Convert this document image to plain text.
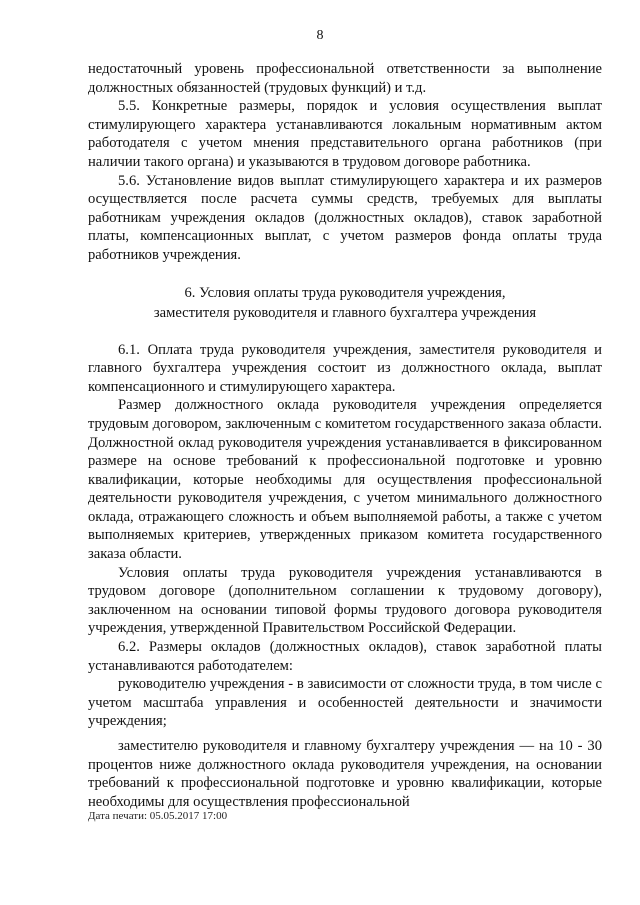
8

недостаточный уровень профессиональной ответственности за выполнение должностных обязанностей (трудовых функций) и т.д.

5.5. Конкретные размеры, порядок и условия осуществления выплат стимулирующего характера устанавливаются локальным нормативным актом работодателя с учетом мнения представительного органа работников (при наличии такого органа) и указываются в трудовом договоре работника.

5.6. Установление видов выплат стимулирующего характера и их размеров осуществляется после расчета суммы средств, требуемых для выплаты работникам учреждения окладов (должностных окладов), ставок заработной платы, компенсационных выплат, с учетом размеров фонда оплаты труда работников учреждения.

6. Условия оплаты труда руководителя учреждения,
заместителя руководителя и главного бухгалтера учреждения

6.1. Оплата труда руководителя учреждения, заместителя руководителя и главного бухгалтера учреждения состоит из должностного оклада, выплат компенсационного и стимулирующего характера.

Размер должностного оклада руководителя учреждения определяется трудовым договором, заключенным с комитетом государственного заказа области. Должностной оклад руководителя учреждения устанавливается в фиксированном размере на основе требований к профессиональной подготовке и уровню квалификации, которые необходимы для осуществления профессиональной деятельности руководителя учреждения, с учетом минимального должностного оклада, отражающего сложность и объем выполняемой работы, а также с учетом выполняемых критериев, утвержденных приказом комитета государственного заказа области.

Условия оплаты труда руководителя учреждения устанавливаются в трудовом договоре (дополнительном соглашении к трудовому договору), заключенном на основании типовой формы трудового договора руководителя учреждения, утвержденной Правительством Российской Федерации.

6.2. Размеры окладов (должностных окладов), ставок заработной платы устанавливаются работодателем:

руководителю учреждения - в зависимости от сложности труда, в том числе с учетом масштаба управления и особенностей деятельности и значимости учреждения;

заместителю руководителя и главному бухгалтеру учреждения — на 10 - 30 процентов ниже должностного оклада руководителя учреждения, на основании требований к профессиональной подготовке и уровню квалификации, которые необходимы для осуществления профессиональной

Дата печати: 05.05.2017 17:00
